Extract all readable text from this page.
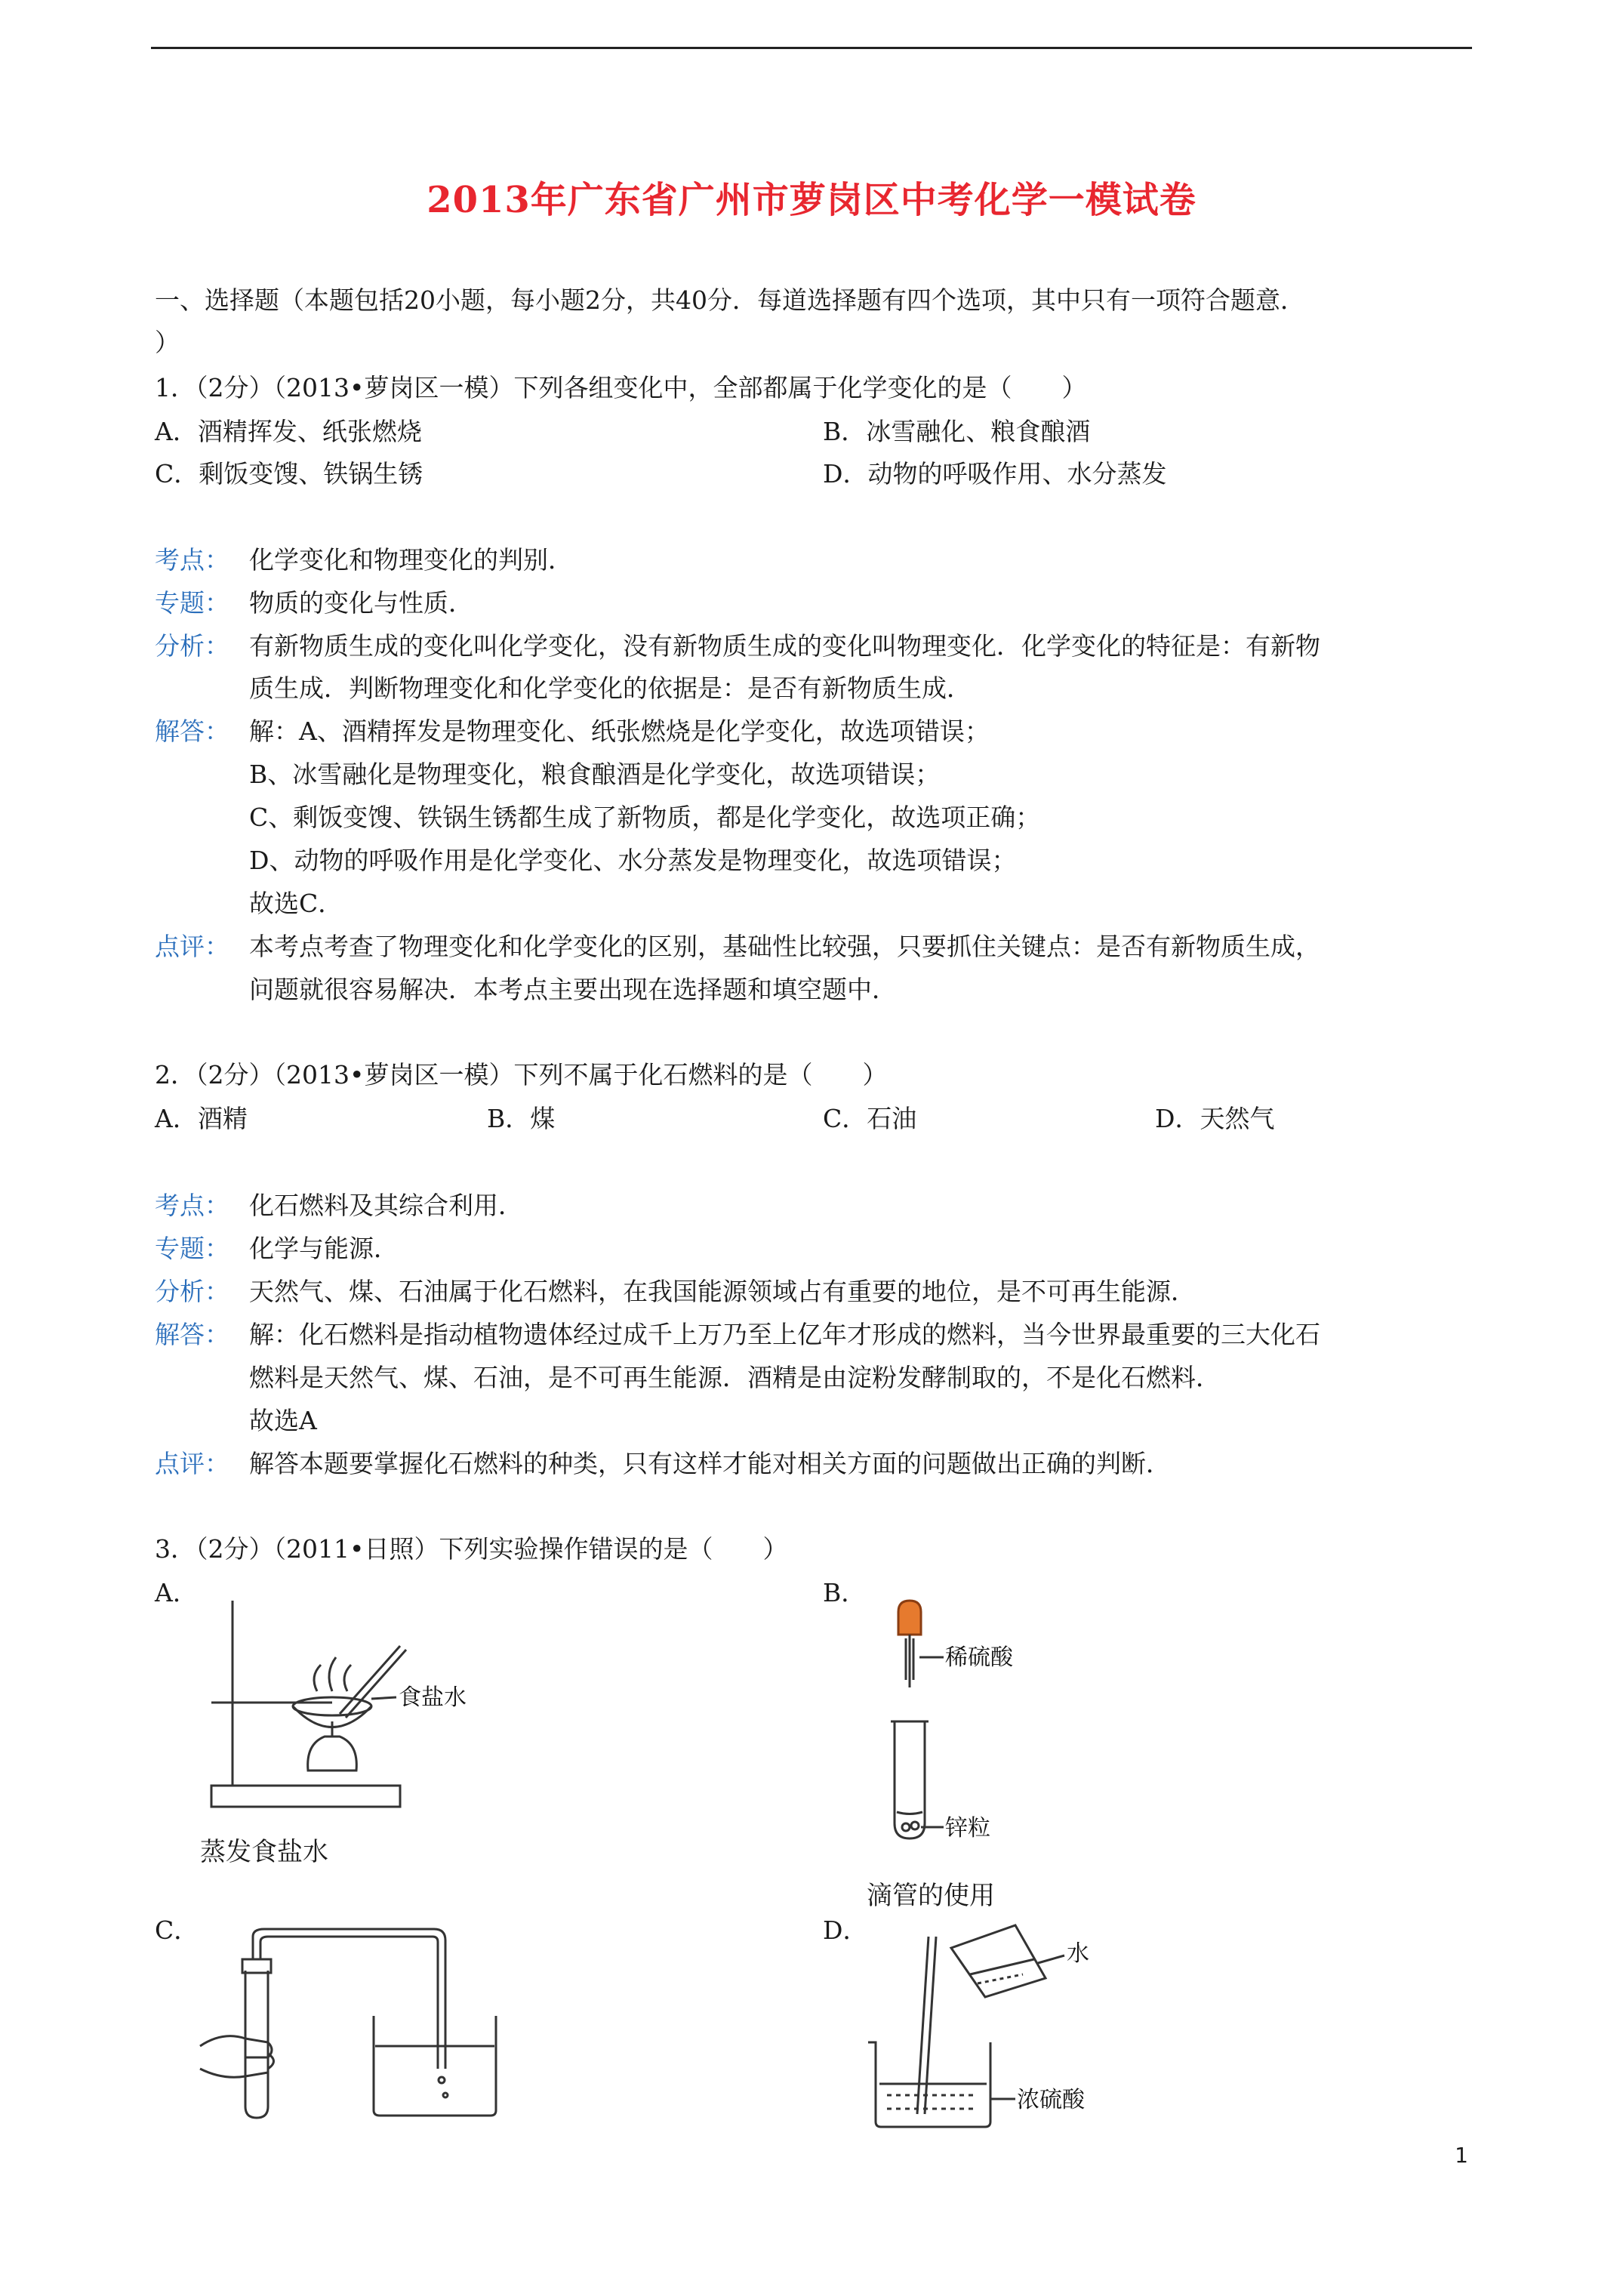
2013年广东省广州市萝岗区中考化学一模试卷
一、选择题（本题包括20小题，每小题2分，共40分．每道选择题有四个选项，其中只有一项符合题意．
）
1．（2分）（2013•萝岗区一模）下列各组变化中，全部都属于化学变化的是（　　）
A．酒精挥发、纸张燃烧	B．冰雪融化、粮食酿酒
C．剩饭变馊、铁锅生锈	D．动物的呼吸作用、水分蒸发
考点： 化学变化和物理变化的判别．
专题： 物质的变化与性质．
分析： 有新物质生成的变化叫化学变化，没有新物质生成的变化叫物理变化．化学变化的特征是：有新物
质生成．判断物理变化和化学变化的依据是：是否有新物质生成．
解答： 解：A、酒精挥发是物理变化、纸张燃烧是化学变化，故选项错误；
B、冰雪融化是物理变化，粮食酿酒是化学变化，故选项错误；
C、剩饭变馊、铁锅生锈都生成了新物质，都是化学变化，故选项正确；
D、动物的呼吸作用是化学变化、水分蒸发是物理变化，故选项错误；
故选C．
点评： 本考点考查了物理变化和化学变化的区别，基础性比较强，只要抓住关键点：是否有新物质生成，
问题就很容易解决．本考点主要出现在选择题和填空题中．
2．（2分）（2013•萝岗区一模）下列不属于化石燃料的是（　　）
A．酒精	B．煤	C．石油	D．天然气
考点： 化石燃料及其综合利用．
专题： 化学与能源．
分析： 天然气、煤、石油属于化石燃料，在我国能源领域占有重要的地位，是不可再生能源．
解答： 解：化石燃料是指动植物遗体经过成千上万乃至上亿年才形成的燃料，当今世界最重要的三大化石
燃料是天然气、煤、石油，是不可再生能源．酒精是由淀粉发酵制取的，不是化石燃料．
故选A
点评： 解答本题要掌握化石燃料的种类，只有这样才能对相关方面的问题做出正确的判断．
3．（2分）（2011•日照）下列实验操作错误的是（　　）
A．	B．
食盐水
蒸发食盐水
稀硫酸
锌粒
滴管的使用
C．	D．
水
浓硫酸
1
